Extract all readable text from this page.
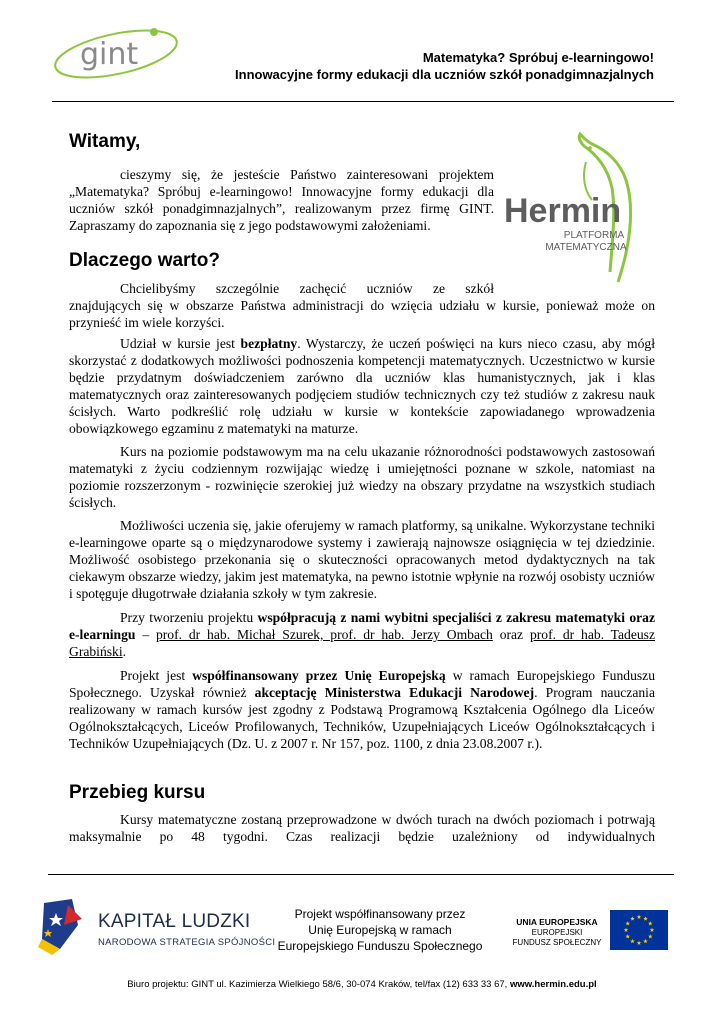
gint	Matematyka? Spróbuj e-learningowo!
Innowacyjne formy edukacji dla uczniów szkół ponadgimnazjalnych
Hermin
PLATFORMA
MATEMATYCZNA
Witamy,

cieszymy się, że jesteście Państwo zainteresowani projektem „Matematyka? Spróbuj e-learningowo! Innowacyjne formy edukacji dla uczniów szkół ponadgimnazjalnych”, realizowanym przez firmę GINT. Zapraszamy do zapoznania się z jego podstawowymi założeniami.

Dlaczego warto?

Chcielibyśmy szczególnie zachęcić uczniów ze szkół
znajdujących się w obszarze Państwa administracji do wzięcia udziału w kursie, ponieważ może on przynieść im wiele korzyści.

Udział w kursie jest bezpłatny. Wystarczy, że uczeń poświęci na kurs nieco czasu, aby mógł skorzystać z dodatkowych możliwości podnoszenia kompetencji matematycznych. Uczestnictwo w kursie będzie przydatnym doświadczeniem zarówno dla uczniów klas humanistycznych, jak i klas matematycznych oraz zainteresowanych podjęciem studiów technicznych czy też studiów z zakresu nauk ścisłych. Warto podkreślić rolę udziału w kursie w kontekście zapowiadanego wprowadzenia obowiązkowego egzaminu z matematyki na maturze.

Kurs na poziomie podstawowym ma na celu ukazanie różnorodności podstawowych zastosowań matematyki z życiu codziennym rozwijając wiedzę i umiejętności poznane w szkole, natomiast na poziomie rozszerzonym - rozwinięcie szerokiej już wiedzy na obszary przydatne na wszystkich studiach ścisłych.

Możliwości uczenia się, jakie oferujemy w ramach platformy, są unikalne. Wykorzystane techniki e-learningowe oparte są o międzynarodowe systemy i zawierają najnowsze osiągnięcia w tej dziedzinie. Możliwość osobistego przekonania się o skuteczności opracowanych metod dydaktycznych na tak ciekawym obszarze wiedzy, jakim jest matematyka, na pewno istotnie wpłynie na rozwój osobisty uczniów i spotęguje długotrwałe działania szkoły w tym zakresie.

Przy tworzeniu projektu współpracują z nami wybitni specjaliści z zakresu matematyki oraz e-learningu – prof. dr hab. Michał Szurek, prof. dr hab. Jerzy Ombach oraz prof. dr hab. Tadeusz Grabiński.

Projekt jest współfinansowany przez Unię Europejską w ramach Europejskiego Funduszu Społecznego. Uzyskał również akceptację Ministerstwa Edukacji Narodowej. Program nauczania realizowany w ramach kursów jest zgodny z Podstawą Programową Kształcenia Ogólnego dla Liceów Ogólnokształcących, Liceów Profilowanych, Techników, Uzupełniających Liceów Ogólnokształcących i Techników Uzupełniających (Dz. U. z 2007 r. Nr 157, poz. 1100, z dnia 23.08.2007 r.).

Przebieg kursu

Kursy matematyczne zostaną przeprowadzone w dwóch turach na dwóch poziomach i potrwają maksymalnie po 48 tygodni. Czas realizacji będzie uzależniony od indywidualnych

KAPITAŁ LUDZKI
NARODOWA STRATEGIA SPÓJNOŚCI
Projekt współfinansowany przez
Unię Europejską w ramach
Europejskiego Funduszu Społecznego
UNIA EUROPEJSKA
EUROPEJSKI
FUNDUSZ SPOŁECZNY
Biuro projektu: GINT ul. Kazimierza Wielkiego 58/6, 30-074 Kraków, tel/fax (12) 633 33 67, www.hermin.edu.pl
